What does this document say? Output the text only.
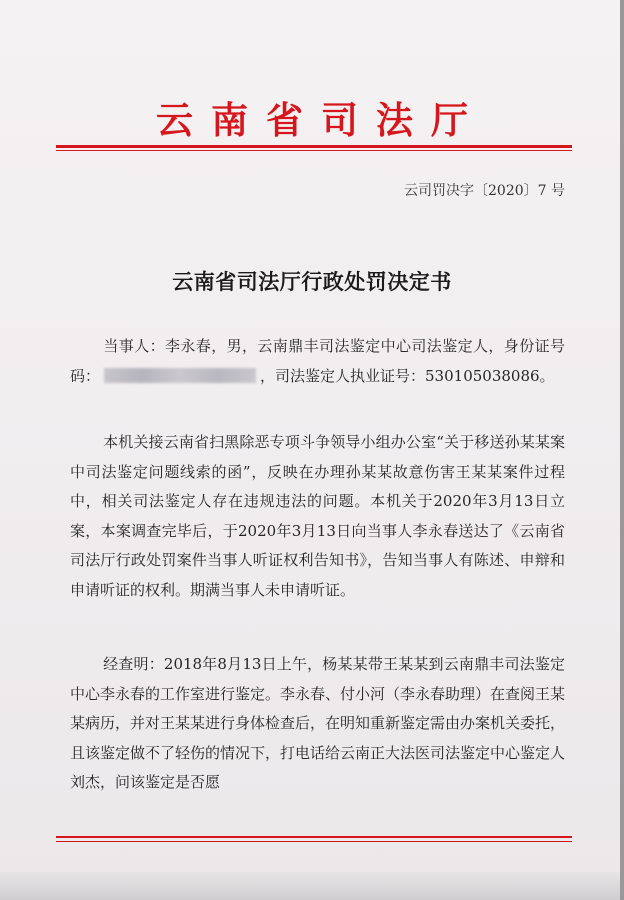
云南省司法厅
云司罚决字〔2020〕7 号
云南省司法厅行政处罚决定书
当事人：李永春，男，云南鼎丰司法鉴定中心司法鉴定人，身份证号码：	，司法鉴定人执业证号：530105038086。
本机关接云南省扫黑除恶专项斗争领导小组办公室“关于移送孙某某案中司法鉴定问题线索的函”，反映在办理孙某某故意伤害王某某案件过程中，相关司法鉴定人存在违规违法的问题。本机关于2020年3月13日立案，本案调查完毕后，于2020年3月13日向当事人李永春送达了《云南省司法厅行政处罚案件当事人听证权利告知书》，告知当事人有陈述、申辩和申请听证的权利。期满当事人未申请听证。
经查明：2018年8月13日上午，杨某某带王某某到云南鼎丰司法鉴定中心李永春的工作室进行鉴定。李永春、付小河（李永春助理）在查阅王某某病历，并对王某某进行身体检查后，在明知重新鉴定需由办案机关委托，且该鉴定做不了轻伤的情况下，打电话给云南正大法医司法鉴定中心鉴定人刘杰，问该鉴定是否愿
